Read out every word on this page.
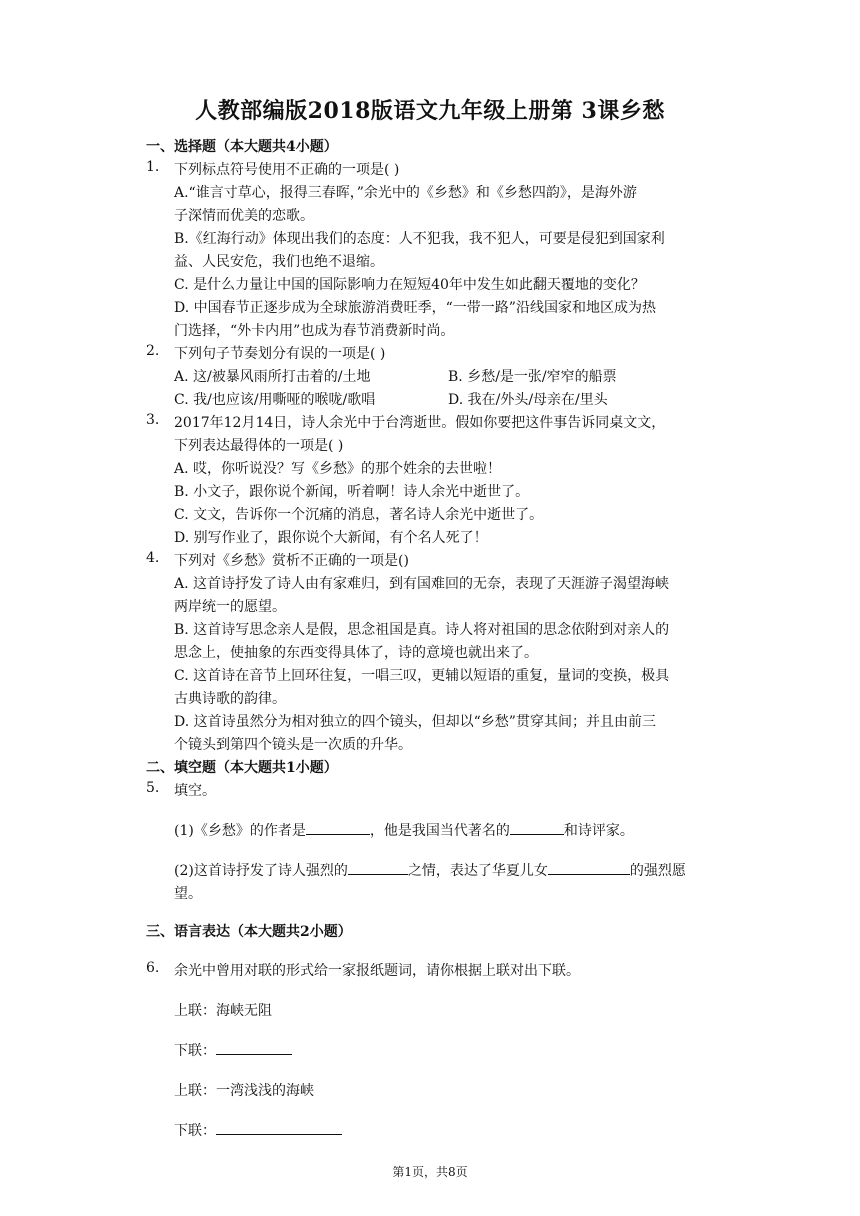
人教部编版2018版语文九年级上册第 3课乡愁
一、选择题（本大题共4小题）
1. 下列标点符号使用不正确的一项是( )
A.“谁言寸草心，报得三春晖，”余光中的《乡愁》和《乡愁四韵》，是海外游
子深情而优美的恋歌。
B.《红海行动》体现出我们的态度：人不犯我，我不犯人，可要是侵犯到国家利
益、人民安危，我们也绝不退缩。
C. 是什么力量让中国的国际影响力在短短40年中发生如此翻天覆地的变化？
D. 中国春节正逐步成为全球旅游消费旺季，“一带一路”沿线国家和地区成为热
门选择，“外卡内用”也成为春节消费新时尚。
2. 下列句子节奏划分有误的一项是( )
A. 这/被暴风雨所打击着的/土地	B. 乡愁/是一张/窄窄的船票
C. 我/也应该/用嘶哑的喉咙/歌唱	D. 我在/外头/母亲在/里头
3. 2017年12月14日，诗人余光中于台湾逝世。假如你要把这件事告诉同桌文文，
下列表达最得体的一项是( )
A. 哎，你听说没？写《乡愁》的那个姓余的去世啦！
B. 小文子，跟你说个新闻，听着啊！诗人余光中逝世了。
C. 文文，告诉你一个沉痛的消息，著名诗人余光中逝世了。
D. 别写作业了，跟你说个大新闻，有个名人死了！
4. 下列对《乡愁》赏析不正确的一项是()
A. 这首诗抒发了诗人由有家难归，到有国难回的无奈，表现了天涯游子渴望海峡
两岸统一的愿望。
B. 这首诗写思念亲人是假，思念祖国是真。诗人将对祖国的思念依附到对亲人的
思念上，使抽象的东西变得具体了，诗的意境也就出来了。
C. 这首诗在音节上回环往复，一唱三叹，更辅以短语的重复，量词的变换，极具
古典诗歌的韵律。
D. 这首诗虽然分为相对独立的四个镜头，但却以“乡愁”贯穿其间；并且由前三
个镜头到第四个镜头是一次质的升华。
二、填空题（本大题共1小题）
5. 填空。
(1)《乡愁》的作者是	，他是我国当代著名的	和诗评家。
(2)这首诗抒发了诗人强烈的	之情，表达了华夏儿女	的强烈愿
望。
三、语言表达（本大题共2小题）
6. 余光中曾用对联的形式给一家报纸题词，请你根据上联对出下联。
上联：海峡无阻
下联：
上联：一湾浅浅的海峡
下联：
第1页，共8页
